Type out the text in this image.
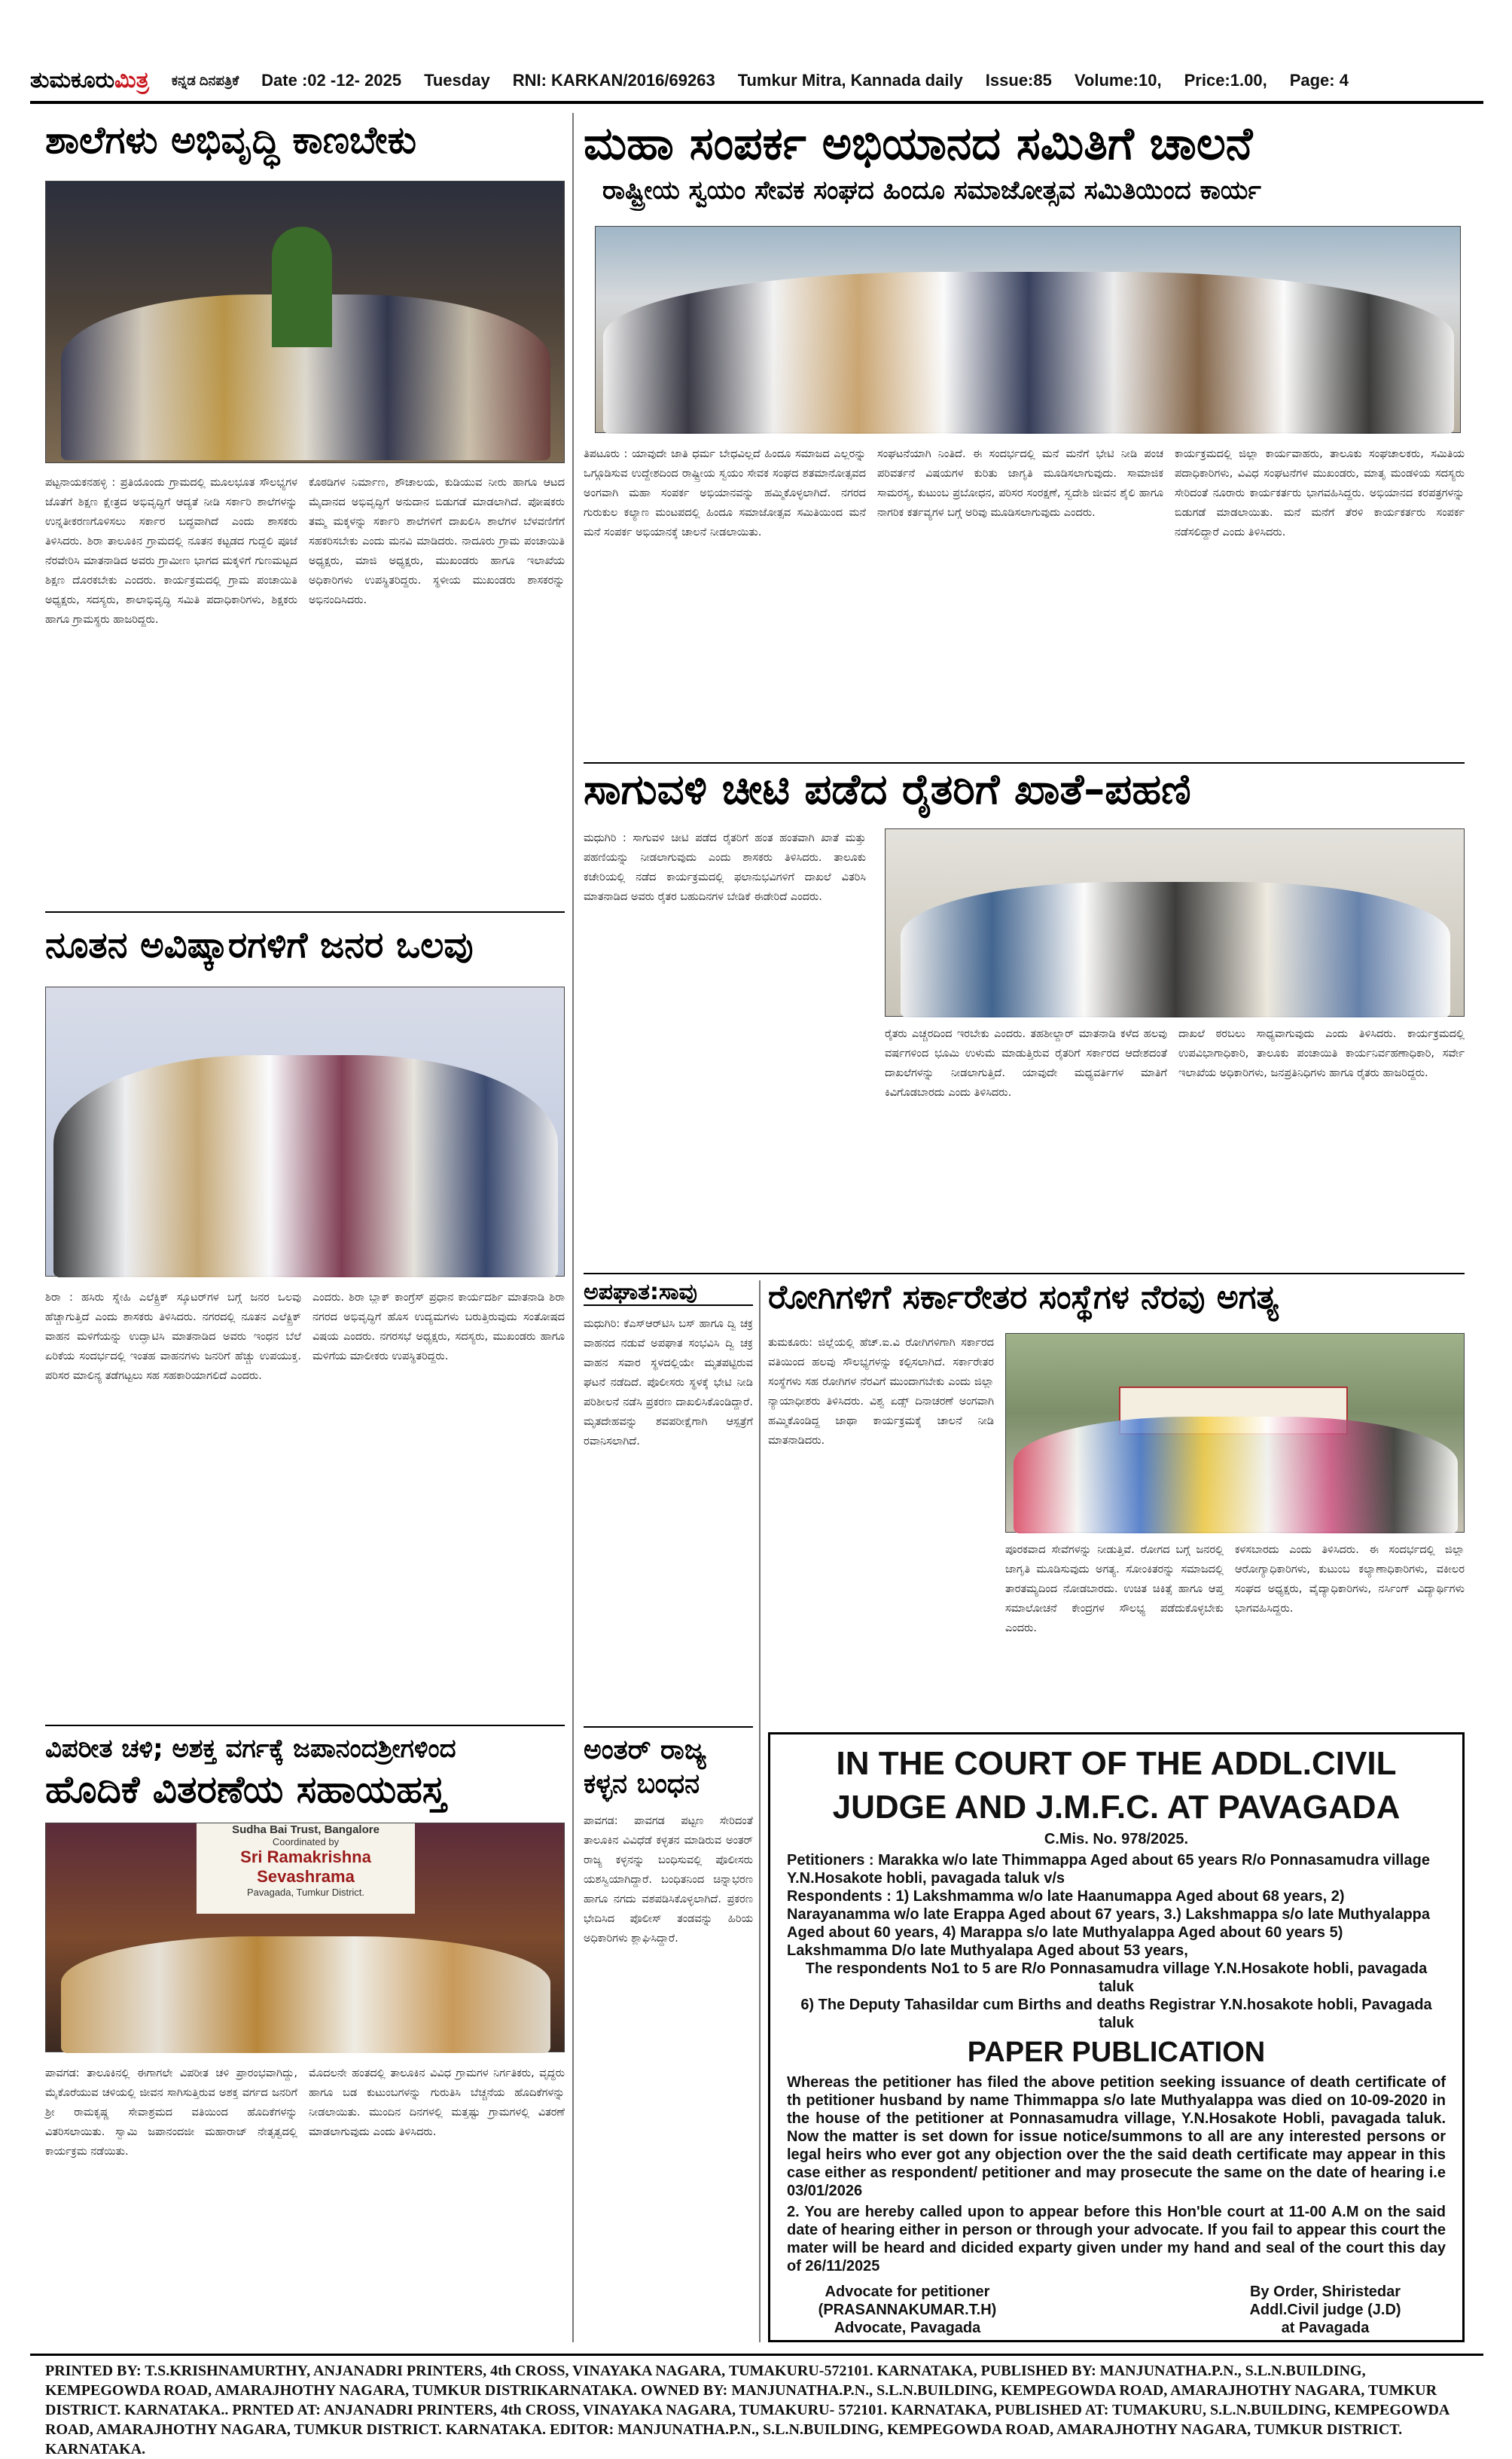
ತುಮಕೂರುಮಿತ್ರ ಕನ್ನಡ ದಿನಪತ್ರಿಕೆ Date :02 -12- 2025 Tuesday RNI: KARKAN/2016/69263 Tumkur Mitra, Kannada daily Issue:85 Volume:10, Price:1.00, Page: 4
ಶಾಲೆಗಳು ಅಭಿವೃದ್ಧಿ ಕಾಣಬೇಕು
ಪಟ್ಟನಾಯಕನಹಳ್ಳಿ : ಪ್ರತಿಯೊಂದು ಗ್ರಾಮದಲ್ಲಿ ಮೂಲಭೂತ ಸೌಲಭ್ಯಗಳ ಜೊತೆಗೆ ಶಿಕ್ಷಣ ಕ್ಷೇತ್ರದ ಅಭಿವೃದ್ಧಿಗೆ ಆದ್ಯತೆ ನೀಡಿ ಸರ್ಕಾರಿ ಶಾಲೆಗಳನ್ನು ಉನ್ನತೀಕರಣಗೊಳಿಸಲು ಸರ್ಕಾರ ಬದ್ಧವಾಗಿದೆ ಎಂದು ಶಾಸಕರು ತಿಳಿಸಿದರು. ಶಿರಾ ತಾಲೂಕಿನ ಗ್ರಾಮದಲ್ಲಿ ನೂತನ ಕಟ್ಟಡದ ಗುದ್ದಲಿ ಪೂಜೆ ನೆರವೇರಿಸಿ ಮಾತನಾಡಿದ ಅವರು ಗ್ರಾಮೀಣ ಭಾಗದ ಮಕ್ಕಳಿಗೆ ಗುಣಮಟ್ಟದ ಶಿಕ್ಷಣ ದೊರಕಬೇಕು ಎಂದರು. ಕಾರ್ಯಕ್ರಮದಲ್ಲಿ ಗ್ರಾಮ ಪಂಚಾಯಿತಿ ಅಧ್ಯಕ್ಷರು, ಸದಸ್ಯರು, ಶಾಲಾಭಿವೃದ್ಧಿ ಸಮಿತಿ ಪದಾಧಿಕಾರಿಗಳು, ಶಿಕ್ಷಕರು ಹಾಗೂ ಗ್ರಾಮಸ್ಥರು ಹಾಜರಿದ್ದರು.
ಕೊಠಡಿಗಳ ನಿರ್ಮಾಣ, ಶೌಚಾಲಯ, ಕುಡಿಯುವ ನೀರು ಹಾಗೂ ಆಟದ ಮೈದಾನದ ಅಭಿವೃದ್ಧಿಗೆ ಅನುದಾನ ಬಿಡುಗಡೆ ಮಾಡಲಾಗಿದೆ. ಪೋಷಕರು ತಮ್ಮ ಮಕ್ಕಳನ್ನು ಸರ್ಕಾರಿ ಶಾಲೆಗಳಿಗೆ ದಾಖಲಿಸಿ ಶಾಲೆಗಳ ಬೆಳವಣಿಗೆಗೆ ಸಹಕರಿಸಬೇಕು ಎಂದು ಮನವಿ ಮಾಡಿದರು. ನಾದೂರು ಗ್ರಾಮ ಪಂಚಾಯಿತಿ ಅಧ್ಯಕ್ಷರು, ಮಾಜಿ ಅಧ್ಯಕ್ಷರು, ಮುಖಂಡರು ಹಾಗೂ ಇಲಾಖೆಯ ಅಧಿಕಾರಿಗಳು ಉಪಸ್ಥಿತರಿದ್ದರು. ಸ್ಥಳೀಯ ಮುಖಂಡರು ಶಾಸಕರನ್ನು ಅಭಿನಂದಿಸಿದರು.
ನೂತನ ಅವಿಷ್ಕಾರಗಳಿಗೆ ಜನರ ಒಲವು
ಶಿರಾ : ಹಸಿರು ಸ್ನೇಹಿ ಎಲೆಕ್ಟ್ರಿಕ್ ಸ್ಕೂಟರ್‌ಗಳ ಬಗ್ಗೆ ಜನರ ಒಲವು ಹೆಚ್ಚಾಗುತ್ತಿದೆ ಎಂದು ಶಾಸಕರು ತಿಳಿಸಿದರು. ನಗರದಲ್ಲಿ ನೂತನ ಎಲೆಕ್ಟ್ರಿಕ್ ವಾಹನ ಮಳಿಗೆಯನ್ನು ಉದ್ಘಾಟಿಸಿ ಮಾತನಾಡಿದ ಅವರು ಇಂಧನ ಬೆಲೆ ಏರಿಕೆಯ ಸಂದರ್ಭದಲ್ಲಿ ಇಂತಹ ವಾಹನಗಳು ಜನರಿಗೆ ಹೆಚ್ಚು ಉಪಯುಕ್ತ. ಪರಿಸರ ಮಾಲಿನ್ಯ ತಡೆಗಟ್ಟಲು ಸಹ ಸಹಕಾರಿಯಾಗಲಿದೆ ಎಂದರು.
ಎಂದರು. ಶಿರಾ ಬ್ಲಾಕ್ ಕಾಂಗ್ರೆಸ್ ಪ್ರಧಾನ ಕಾರ್ಯದರ್ಶಿ ಮಾತನಾಡಿ ಶಿರಾ ನಗರದ ಅಭಿವೃದ್ಧಿಗೆ ಹೊಸ ಉದ್ಯಮಗಳು ಬರುತ್ತಿರುವುದು ಸಂತೋಷದ ವಿಷಯ ಎಂದರು. ನಗರಸಭೆ ಅಧ್ಯಕ್ಷರು, ಸದಸ್ಯರು, ಮುಖಂಡರು ಹಾಗೂ ಮಳಿಗೆಯ ಮಾಲೀಕರು ಉಪಸ್ಥಿತರಿದ್ದರು.
ವಿಪರೀತ ಚಳಿ; ಅಶಕ್ತ ವರ್ಗಕ್ಕೆ ಜಪಾನಂದಶ್ರೀಗಳಿಂದ
ಹೊದಿಕೆ ವಿತರಣೆಯ ಸಹಾಯಹಸ್ತ
Sudha Bai Trust, Bangalore
Coordinated by
Sri Ramakrishna Sevashrama
Pavagada, Tumkur District.
ಪಾವಗಡ: ತಾಲೂಕಿನಲ್ಲಿ ಈಗಾಗಲೇ ವಿಪರೀತ ಚಳಿ ಪ್ರಾರಂಭವಾಗಿದ್ದು, ಮೈಕೊರೆಯುವ ಚಳಿಯಲ್ಲಿ ಜೀವನ ಸಾಗಿಸುತ್ತಿರುವ ಅಶಕ್ತ ವರ್ಗದ ಜನರಿಗೆ ಶ್ರೀ ರಾಮಕೃಷ್ಣ ಸೇವಾಶ್ರಮದ ವತಿಯಿಂದ ಹೊದಿಕೆಗಳನ್ನು ವಿತರಿಸಲಾಯಿತು. ಸ್ವಾಮಿ ಜಪಾನಂದಜೀ ಮಹಾರಾಜ್ ನೇತೃತ್ವದಲ್ಲಿ ಕಾರ್ಯಕ್ರಮ ನಡೆಯಿತು.
ಮೊದಲನೇ ಹಂತದಲ್ಲಿ ತಾಲೂಕಿನ ವಿವಿಧ ಗ್ರಾಮಗಳ ನಿರ್ಗತಿಕರು, ವೃದ್ಧರು ಹಾಗೂ ಬಡ ಕುಟುಂಬಗಳನ್ನು ಗುರುತಿಸಿ ಬೆಚ್ಚನೆಯ ಹೊದಿಕೆಗಳನ್ನು ನೀಡಲಾಯಿತು. ಮುಂದಿನ ದಿನಗಳಲ್ಲಿ ಮತ್ತಷ್ಟು ಗ್ರಾಮಗಳಲ್ಲಿ ವಿತರಣೆ ಮಾಡಲಾಗುವುದು ಎಂದು ತಿಳಿಸಿದರು.
ಮಹಾ ಸಂಪರ್ಕ ಅಭಿಯಾನದ ಸಮಿತಿಗೆ ಚಾಲನೆ
ರಾಷ್ಟ್ರೀಯ ಸ್ವಯಂ ಸೇವಕ ಸಂಘದ ಹಿಂದೂ ಸಮಾಜೋತ್ಸವ ಸಮಿತಿಯಿಂದ ಕಾರ್ಯ
ತಿಪಟೂರು : ಯಾವುದೇ ಜಾತಿ ಧರ್ಮ ಬೇಧವಿಲ್ಲದೆ ಹಿಂದೂ ಸಮಾಜದ ಎಲ್ಲರನ್ನು ಒಗ್ಗೂಡಿಸುವ ಉದ್ದೇಶದಿಂದ ರಾಷ್ಟ್ರೀಯ ಸ್ವಯಂ ಸೇವಕ ಸಂಘದ ಶತಮಾನೋತ್ಸವದ ಅಂಗವಾಗಿ ಮಹಾ ಸಂಪರ್ಕ ಅಭಿಯಾನವನ್ನು ಹಮ್ಮಿಕೊಳ್ಳಲಾಗಿದೆ. ನಗರದ ಗುರುಕುಲ ಕಲ್ಯಾಣ ಮಂಟಪದಲ್ಲಿ ಹಿಂದೂ ಸಮಾಜೋತ್ಸವ ಸಮಿತಿಯಿಂದ ಮನೆ ಮನೆ ಸಂಪರ್ಕ ಅಭಿಯಾನಕ್ಕೆ ಚಾಲನೆ ನೀಡಲಾಯಿತು.
ಸಂಘಟನೆಯಾಗಿ ನಿಂತಿದೆ. ಈ ಸಂದರ್ಭದಲ್ಲಿ ಮನೆ ಮನೆಗೆ ಭೇಟಿ ನೀಡಿ ಪಂಚ ಪರಿವರ್ತನೆ ವಿಷಯಗಳ ಕುರಿತು ಜಾಗೃತಿ ಮೂಡಿಸಲಾಗುವುದು. ಸಾಮಾಜಿಕ ಸಾಮರಸ್ಯ, ಕುಟುಂಬ ಪ್ರಬೋಧನ, ಪರಿಸರ ಸಂರಕ್ಷಣೆ, ಸ್ವದೇಶಿ ಜೀವನ ಶೈಲಿ ಹಾಗೂ ನಾಗರಿಕ ಕರ್ತವ್ಯಗಳ ಬಗ್ಗೆ ಅರಿವು ಮೂಡಿಸಲಾಗುವುದು ಎಂದರು.
ಕಾರ್ಯಕ್ರಮದಲ್ಲಿ ಜಿಲ್ಲಾ ಕಾರ್ಯವಾಹರು, ತಾಲೂಕು ಸಂಘಚಾಲಕರು, ಸಮಿತಿಯ ಪದಾಧಿಕಾರಿಗಳು, ವಿವಿಧ ಸಂಘಟನೆಗಳ ಮುಖಂಡರು, ಮಾತೃ ಮಂಡಳಿಯ ಸದಸ್ಯರು ಸೇರಿದಂತೆ ನೂರಾರು ಕಾರ್ಯಕರ್ತರು ಭಾಗವಹಿಸಿದ್ದರು. ಅಭಿಯಾನದ ಕರಪತ್ರಗಳನ್ನು ಬಿಡುಗಡೆ ಮಾಡಲಾಯಿತು. ಮನೆ ಮನೆಗೆ ತೆರಳಿ ಕಾರ್ಯಕರ್ತರು ಸಂಪರ್ಕ ನಡೆಸಲಿದ್ದಾರೆ ಎಂದು ತಿಳಿಸಿದರು.
ಸಾಗುವಳಿ ಚೀಟಿ ಪಡೆದ ರೈತರಿಗೆ ಖಾತೆ–ಪಹಣಿ
ಮಧುಗಿರಿ : ಸಾಗುವಳಿ ಚೀಟಿ ಪಡೆದ ರೈತರಿಗೆ ಹಂತ ಹಂತವಾಗಿ ಖಾತೆ ಮತ್ತು ಪಹಣಿಯನ್ನು ನೀಡಲಾಗುವುದು ಎಂದು ಶಾಸಕರು ತಿಳಿಸಿದರು. ತಾಲೂಕು ಕಚೇರಿಯಲ್ಲಿ ನಡೆದ ಕಾರ್ಯಕ್ರಮದಲ್ಲಿ ಫಲಾನುಭವಿಗಳಿಗೆ ದಾಖಲೆ ವಿತರಿಸಿ ಮಾತನಾಡಿದ ಅವರು ರೈತರ ಬಹುದಿನಗಳ ಬೇಡಿಕೆ ಈಡೇರಿದೆ ಎಂದರು.
ರೈತರು ಎಚ್ಚರದಿಂದ ಇರಬೇಕು ಎಂದರು. ತಹಶೀಲ್ದಾರ್ ಮಾತನಾಡಿ ಕಳೆದ ಹಲವು ವರ್ಷಗಳಿಂದ ಭೂಮಿ ಉಳುಮೆ ಮಾಡುತ್ತಿರುವ ರೈತರಿಗೆ ಸರ್ಕಾರದ ಆದೇಶದಂತೆ ದಾಖಲೆಗಳನ್ನು ನೀಡಲಾಗುತ್ತಿದೆ. ಯಾವುದೇ ಮಧ್ಯವರ್ತಿಗಳ ಮಾತಿಗೆ ಕಿವಿಗೊಡಬಾರದು ಎಂದು ತಿಳಿಸಿದರು.
ದಾಖಲೆ ಠರಬಲು ಸಾಧ್ಯವಾಗುವುದು ಎಂದು ತಿಳಿಸಿದರು. ಕಾರ್ಯಕ್ರಮದಲ್ಲಿ ಉಪವಿಭಾಗಾಧಿಕಾರಿ, ತಾಲೂಕು ಪಂಚಾಯಿತಿ ಕಾರ್ಯನಿರ್ವಹಣಾಧಿಕಾರಿ, ಸರ್ವೇ ಇಲಾಖೆಯ ಅಧಿಕಾರಿಗಳು, ಜನಪ್ರತಿನಿಧಿಗಳು ಹಾಗೂ ರೈತರು ಹಾಜರಿದ್ದರು.
ಅಪಘಾತ:ಸಾವು
ಮಧುಗಿರಿ: ಕೆಎಸ್‌ಆರ್‌ಟಿಸಿ ಬಸ್ ಹಾಗೂ ದ್ವಿ ಚಕ್ರ ವಾಹನದ ನಡುವೆ ಅಪಘಾತ ಸಂಭವಿಸಿ ದ್ವಿ ಚಕ್ರ ವಾಹನ ಸವಾರ ಸ್ಥಳದಲ್ಲಿಯೇ ಮೃತಪಟ್ಟಿರುವ ಘಟನೆ ನಡೆದಿದೆ. ಪೊಲೀಸರು ಸ್ಥಳಕ್ಕೆ ಭೇಟಿ ನೀಡಿ ಪರಿಶೀಲನೆ ನಡೆಸಿ ಪ್ರಕರಣ ದಾಖಲಿಸಿಕೊಂಡಿದ್ದಾರೆ. ಮೃತದೇಹವನ್ನು ಶವಪರೀಕ್ಷೆಗಾಗಿ ಆಸ್ಪತ್ರೆಗೆ ರವಾನಿಸಲಾಗಿದೆ.
ರೋಗಿಗಳಿಗೆ ಸರ್ಕಾರೇತರ ಸಂಸ್ಥೆಗಳ ನೆರವು ಅಗತ್ಯ
ತುಮಕೂರು: ಜಿಲ್ಲೆಯಲ್ಲಿ ಹೆಚ್.ಐ.ವಿ ರೋಗಿಗಳಿಗಾಗಿ ಸರ್ಕಾರದ ವತಿಯಿಂದ ಹಲವು ಸೌಲಭ್ಯಗಳನ್ನು ಕಲ್ಪಿಸಲಾಗಿದೆ. ಸರ್ಕಾರೇತರ ಸಂಸ್ಥೆಗಳು ಸಹ ರೋಗಿಗಳ ನೆರವಿಗೆ ಮುಂದಾಗಬೇಕು ಎಂದು ಜಿಲ್ಲಾ ನ್ಯಾಯಾಧೀಶರು ತಿಳಿಸಿದರು. ವಿಶ್ವ ಏಡ್ಸ್ ದಿನಾಚರಣೆ ಅಂಗವಾಗಿ ಹಮ್ಮಿಕೊಂಡಿದ್ದ ಜಾಥಾ ಕಾರ್ಯಕ್ರಮಕ್ಕೆ ಚಾಲನೆ ನೀಡಿ ಮಾತನಾಡಿದರು.
ಪೂರಕವಾದ ಸೇವೆಗಳನ್ನು ನೀಡುತ್ತಿವೆ. ರೋಗದ ಬಗ್ಗೆ ಜನರಲ್ಲಿ ಜಾಗೃತಿ ಮೂಡಿಸುವುದು ಅಗತ್ಯ. ಸೋಂಕಿತರನ್ನು ಸಮಾಜದಲ್ಲಿ ತಾರತಮ್ಯದಿಂದ ನೋಡಬಾರದು. ಉಚಿತ ಚಿಕಿತ್ಸೆ ಹಾಗೂ ಆಪ್ತ ಸಮಾಲೋಚನೆ ಕೇಂದ್ರಗಳ ಸೌಲಭ್ಯ ಪಡೆದುಕೊಳ್ಳಬೇಕು ಎಂದರು.
ಕಳಸಬಾರದು ಎಂದು ತಿಳಿಸಿದರು. ಈ ಸಂದರ್ಭದಲ್ಲಿ ಜಿಲ್ಲಾ ಆರೋಗ್ಯಾಧಿಕಾರಿಗಳು, ಕುಟುಂಬ ಕಲ್ಯಾಣಾಧಿಕಾರಿಗಳು, ವಕೀಲರ ಸಂಘದ ಅಧ್ಯಕ್ಷರು, ವೈದ್ಯಾಧಿಕಾರಿಗಳು, ನರ್ಸಿಂಗ್ ವಿದ್ಯಾರ್ಥಿಗಳು ಭಾಗವಹಿಸಿದ್ದರು.
ಅಂತರ್ ರಾಜ್ಯ
ಕಳ್ಳನ ಬಂಧನ
ಪಾವಗಡ: ಪಾವಗಡ ಪಟ್ಟಣ ಸೇರಿದಂತೆ ತಾಲೂಕಿನ ವಿವಿಧೆಡೆ ಕಳ್ಳತನ ಮಾಡಿರುವ ಅಂತರ್ ರಾಜ್ಯ ಕಳ್ಳನನ್ನು ಬಂಧಿಸುವಲ್ಲಿ ಪೊಲೀಸರು ಯಶಸ್ವಿಯಾಗಿದ್ದಾರೆ. ಬಂಧಿತನಿಂದ ಚಿನ್ನಾಭರಣ ಹಾಗೂ ನಗದು ವಶಪಡಿಸಿಕೊಳ್ಳಲಾಗಿದೆ. ಪ್ರಕರಣ ಭೇದಿಸಿದ ಪೊಲೀಸ್ ತಂಡವನ್ನು ಹಿರಿಯ ಅಧಿಕಾರಿಗಳು ಶ್ಲಾಘಿಸಿದ್ದಾರೆ.
IN THE COURT OF THE ADDL.CIVIL
JUDGE AND J.M.F.C. AT PAVAGADA
C.Mis. No. 978/2025.
Petitioners : Marakka w/o late Thimmappa Aged about 65 years R/o Ponnasamudra village Y.N.Hosakote hobli, pavagada taluk v/s
Respondents : 1) Lakshmamma w/o late Haanumappa Aged about 68 years, 2) Narayanamma w/o late Erappa Aged about 67 years, 3.) Lakshmappa s/o late Muthyalappa Aged about 60 years, 4) Marappa s/o late Muthyalappa Aged about 60 years 5) Lakshmamma D/o late Muthyalapa Aged about 53 years,
The respondents No1 to 5 are R/o Ponnasamudra village Y.N.Hosakote hobli, pavagada taluk
6) The Deputy Tahasildar cum Births and deaths Registrar Y.N.hosakote hobli, Pavagada taluk
PAPER PUBLICATION
Whereas the petitioner has filed the above petition seeking issuance of death certificate of th petitioner husband by name Thimmappa s/o late Muthyalappa was died on 10-09-2020 in the house of the petitioner at Ponnasamudra village, Y.N.Hosakote Hobli, pavagada taluk. Now the matter is set down for issue notice/summons to all are any interested persons or legal heirs who ever got any objection over the the said death certificate may appear in this case either as respondent/ petitioner and may prosecute the same on the date of hearing i.e 03/01/2026
2. You are hereby called upon to appear before this Hon'ble court at 11-00 A.M on the said date of hearing either in person or through your advocate. If you fail to appear this court the mater will be heard and dicided exparty given under my hand and seal of the court this day of 26/11/2025
Advocate for petitioner
(PRASANNAKUMAR.T.H)
Advocate, Pavagada
By Order, Shiristedar
Addl.Civil judge (J.D)
at Pavagada
PRINTED BY: T.S.KRISHNAMURTHY, ANJANADRI PRINTERS, 4th CROSS, VINAYAKA NAGARA, TUMAKURU-572101. KARNATAKA, PUBLISHED BY: MANJUNATHA.P.N., S.L.N.BUILDING, KEMPEGOWDA ROAD, AMARAJHOTHY NAGARA, TUMKUR DISTRIKARNATAKA. OWNED BY: MANJUNATHA.P.N., S.L.N.BUILDING, KEMPEGOWDA ROAD, AMARAJHOTHY NAGARA, TUMKUR DISTRICT. KARNATAKA.. PRNTED AT: ANJANADRI PRINTERS, 4th CROSS, VINAYAKA NAGARA, TUMAKURU- 572101. KARNATAKA, PUBLISHED AT: TUMAKURU, S.L.N.BUILDING, KEMPEGOWDA ROAD, AMARAJHOTHY NAGARA, TUMKUR DISTRICT. KARNATAKA. EDITOR: MANJUNATHA.P.N., S.L.N.BUILDING, KEMPEGOWDA ROAD, AMARAJHOTHY NAGARA, TUMKUR DISTRICT. KARNATAKA.
